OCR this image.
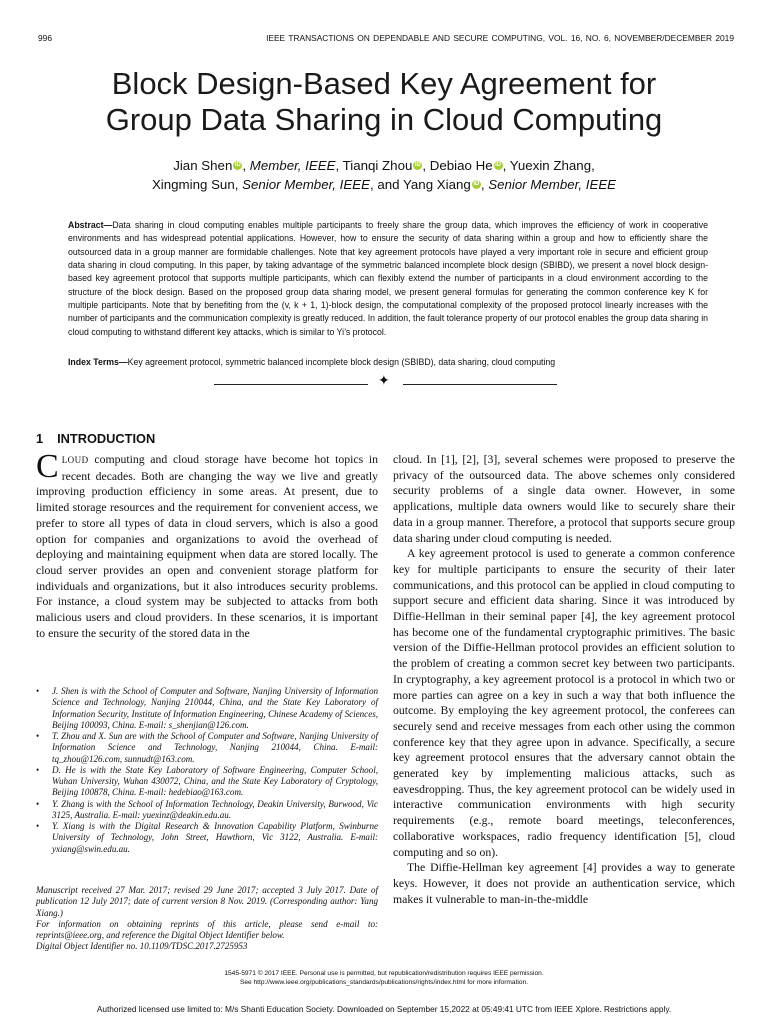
996	IEEE TRANSACTIONS ON DEPENDABLE AND SECURE COMPUTING, VOL. 16, NO. 6, NOVEMBER/DECEMBER 2019
Block Design-Based Key Agreement for
Group Data Sharing in Cloud Computing
Jian Shen iD , Member, IEEE, Tianqi Zhou iD , Debiao He iD , Yuexin Zhang,
Xingming Sun, Senior Member, IEEE, and Yang Xiang iD , Senior Member, IEEE
Abstract—Data sharing in cloud computing enables multiple participants to freely share the group data, which improves the efficiency of work in cooperative environments and has widespread potential applications. However, how to ensure the security of data sharing within a group and how to efficiently share the outsourced data in a group manner are formidable challenges. Note that key agreement protocols have played a very important role in secure and efficient group data sharing in cloud computing. In this paper, by taking advantage of the symmetric balanced incomplete block design (SBIBD), we present a novel block design-based key agreement protocol that supports multiple participants, which can flexibly extend the number of participants in a cloud environment according to the structure of the block design. Based on the proposed group data sharing model, we present general formulas for generating the common conference key K for multiple participants. Note that by benefiting from the (v, k + 1, 1)-block design, the computational complexity of the proposed protocol linearly increases with the number of participants and the communication complexity is greatly reduced. In addition, the fault tolerance property of our protocol enables the group data sharing in cloud computing to withstand different key attacks, which is similar to Yi’s protocol.
Index Terms—Key agreement protocol, symmetric balanced incomplete block design (SBIBD), data sharing, cloud computing
✦
1 INTRODUCTION

CLOUD computing and cloud storage have become hot topics in recent decades. Both are changing the way we live and greatly improving production efficiency in some areas. At present, due to limited storage resources and the requirement for convenient access, we prefer to store all types of data in cloud servers, which is also a good option for companies and organizations to avoid the overhead of deploying and maintaining equipment when data are stored locally. The cloud server provides an open and convenient storage platform for individuals and organizations, but it also introduces security problems. For instance, a cloud system may be subjected to attacks from both malicious users and cloud providers. In these scenarios, it is important to ensure the security of the stored data in the

• J. Shen is with the School of Computer and Software, Nanjing University of Information Science and Technology, Nanjing 210044, China, and the State Key Laboratory of Information Security, Institute of Information Engineering, Chinese Academy of Sciences, Beijing 100093, China. E-mail: s_shenjian@126.com.
• T. Zhou and X. Sun are with the School of Computer and Software, Nanjing University of Information Science and Technology, Nanjing 210044, China. E-mail: tq_zhou@126.com, sunnudt@163.com.
• D. He is with the State Key Laboratory of Software Engineering, Computer School, Wuhan University, Wuhan 430072, China, and the State Key Laboratory of Cryptology, Beijing 100878, China. E-mail: hedebiao@163.com.
• Y. Zhang is with the School of Information Technology, Deakin University, Burwood, Vic 3125, Australia. E-mail: yuexinz@deakin.edu.au.
• Y. Xiang is with the Digital Research & Innovation Capability Platform, Swinburne University of Technology, John Street, Hawthorn, Vic 3122, Australia. E-mail: yxiang@swin.edu.au.
Manuscript received 27 Mar. 2017; revised 29 June 2017; accepted 3 July 2017. Date of publication 12 July 2017; date of current version 8 Nov. 2019. (Corresponding author: Yang Xiang.)
For information on obtaining reprints of this article, please send e-mail to: reprints@ieee.org, and reference the Digital Object Identifier below.
Digital Object Identifier no. 10.1109/TDSC.2017.2725953

cloud. In [1], [2], [3], several schemes were proposed to preserve the privacy of the outsourced data. The above schemes only considered security problems of a single data owner. However, in some applications, multiple data owners would like to securely share their data in a group manner. Therefore, a protocol that supports secure group data sharing under cloud computing is needed.

A key agreement protocol is used to generate a common conference key for multiple participants to ensure the security of their later communications, and this protocol can be applied in cloud computing to support secure and efficient data sharing. Since it was introduced by Diffie-Hellman in their seminal paper [4], the key agreement protocol has become one of the fundamental cryptographic primitives. The basic version of the Diffie-Hellman protocol provides an efficient solution to the problem of creating a common secret key between two participants. In cryptography, a key agreement protocol is a protocol in which two or more parties can agree on a key in such a way that both influence the outcome. By employing the key agreement protocol, the conferees can securely send and receive messages from each other using the common conference key that they agree upon in advance. Specifically, a secure key agreement protocol ensures that the adversary cannot obtain the generated key by implementing malicious attacks, such as eavesdropping. Thus, the key agreement protocol can be widely used in interactive communication environments with high security requirements (e.g., remote board meetings, teleconferences, collaborative workspaces, radio frequency identification [5], cloud computing and so on).

The Diffie-Hellman key agreement [4] provides a way to generate keys. However, it does not provide an authentication service, which makes it vulnerable to man-in-the-middle

1545-5971 © 2017 IEEE. Personal use is permitted, but republication/redistribution requires IEEE permission.
See http://www.ieee.org/publications_standards/publications/rights/index.html for more information.
Authorized licensed use limited to: M/s Shanti Education Society. Downloaded on September 15,2022 at 05:49:41 UTC from IEEE Xplore. Restrictions apply.
